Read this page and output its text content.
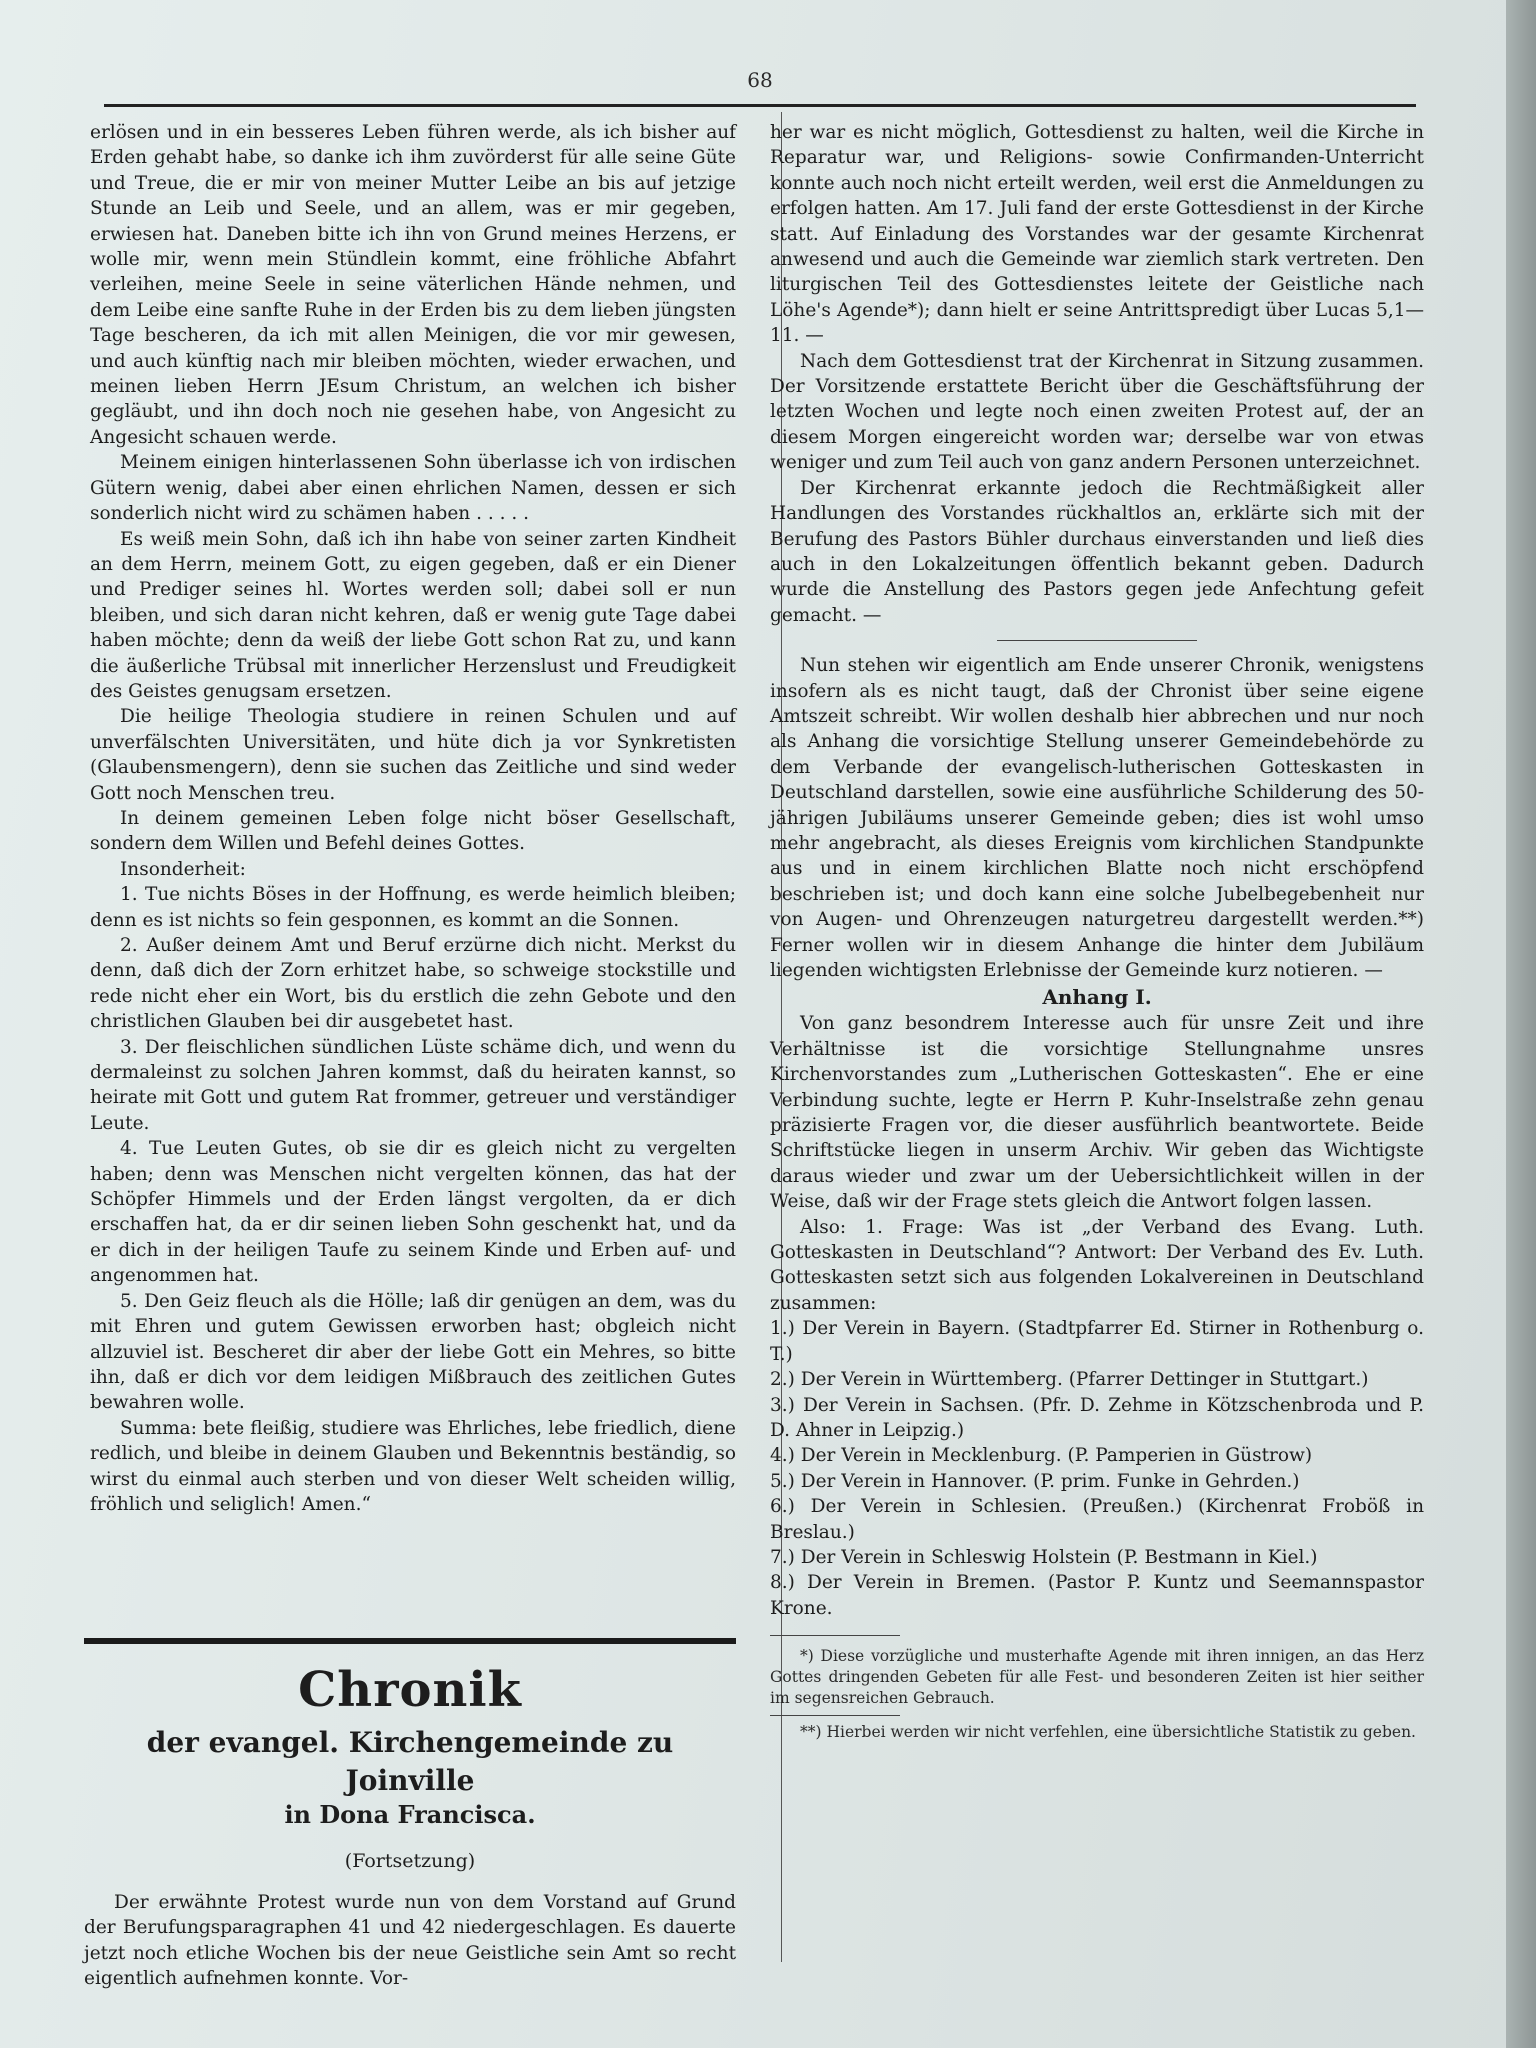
68

erlösen und in ein besseres Leben führen werde, als ich bisher auf Erden gehabt habe, so danke ich ihm zuvörderst für alle seine Güte und Treue, die er mir von meiner Mutter Leibe an bis auf jetzige Stunde an Leib und Seele, und an allem, was er mir gegeben, erwiesen hat. Daneben bitte ich ihn von Grund meines Herzens, er wolle mir, wenn mein Stündlein kommt, eine fröhliche Abfahrt verleihen, meine Seele in seine väterlichen Hände nehmen, und dem Leibe eine sanfte Ruhe in der Erden bis zu dem lieben jüngsten Tage bescheren, da ich mit allen Meinigen, die vor mir gewesen, und auch künftig nach mir bleiben möchten, wieder erwachen, und meinen lieben Herrn JEsum Christum, an welchen ich bisher gegläubt, und ihn doch noch nie gesehen habe, von Angesicht zu Angesicht schauen werde.

Meinem einigen hinterlassenen Sohn überlasse ich von irdischen Gütern wenig, dabei aber einen ehrlichen Namen, dessen er sich sonderlich nicht wird zu schämen haben . . . . .

Es weiß mein Sohn, daß ich ihn habe von seiner zarten Kindheit an dem Herrn, meinem Gott, zu eigen gegeben, daß er ein Diener und Prediger seines hl. Wortes werden soll; dabei soll er nun bleiben, und sich daran nicht kehren, daß er wenig gute Tage dabei haben möchte; denn da weiß der liebe Gott schon Rat zu, und kann die äußerliche Trübsal mit innerlicher Herzenslust und Freudigkeit des Geistes genugsam ersetzen.

Die heilige Theologia studiere in reinen Schulen und auf unverfälschten Universitäten, und hüte dich ja vor Synkretisten (Glaubensmengern), denn sie suchen das Zeitliche und sind weder Gott noch Menschen treu.

In deinem gemeinen Leben folge nicht böser Gesellschaft, sondern dem Willen und Befehl deines Gottes.

Insonderheit:

1. Tue nichts Böses in der Hoffnung, es werde heimlich bleiben; denn es ist nichts so fein gesponnen, es kommt an die Sonnen.

2. Außer deinem Amt und Beruf erzürne dich nicht. Merkst du denn, daß dich der Zorn erhitzet habe, so schweige stockstille und rede nicht eher ein Wort, bis du erstlich die zehn Gebote und den christlichen Glauben bei dir ausgebetet hast.

3. Der fleischlichen sündlichen Lüste schäme dich, und wenn du dermaleinst zu solchen Jahren kommst, daß du heiraten kannst, so heirate mit Gott und gutem Rat frommer, getreuer und verständiger Leute.

4. Tue Leuten Gutes, ob sie dir es gleich nicht zu vergelten haben; denn was Menschen nicht vergelten können, das hat der Schöpfer Himmels und der Erden längst vergolten, da er dich erschaffen hat, da er dir seinen lieben Sohn geschenkt hat, und da er dich in der heiligen Taufe zu seinem Kinde und Erben auf- und angenommen hat.

5. Den Geiz fleuch als die Hölle; laß dir genügen an dem, was du mit Ehren und gutem Gewissen erworben hast; obgleich nicht allzuviel ist. Bescheret dir aber der liebe Gott ein Mehres, so bitte ihn, daß er dich vor dem leidigen Mißbrauch des zeitlichen Gutes bewahren wolle.

Summa: bete fleißig, studiere was Ehrliches, lebe friedlich, diene redlich, und bleibe in deinem Glauben und Bekenntnis beständig, so wirst du einmal auch sterben und von dieser Welt scheiden willig, fröhlich und seliglich! Amen.“

Chronik
der evangel. Kirchengemeinde zu Joinville
in Dona Francisca.
(Fortsetzung)

Der erwähnte Protest wurde nun von dem Vorstand auf Grund der Berufungsparagraphen 41 und 42 niedergeschlagen. Es dauerte jetzt noch etliche Wochen bis der neue Geistliche sein Amt so recht eigentlich aufnehmen konnte. Vor-

her war es nicht möglich, Gottesdienst zu halten, weil die Kirche in Reparatur war, und Religions- sowie Confirmanden-Unterricht konnte auch noch nicht erteilt werden, weil erst die Anmeldungen zu erfolgen hatten. Am 17. Juli fand der erste Gottesdienst in der Kirche statt. Auf Einladung des Vorstandes war der gesamte Kirchenrat anwesend und auch die Gemeinde war ziemlich stark vertreten. Den liturgischen Teil des Gottesdienstes leitete der Geistliche nach Löhe's Agende*); dann hielt er seine Antrittspredigt über Lucas 5,1—11. —

Nach dem Gottesdienst trat der Kirchenrat in Sitzung zusammen. Der Vorsitzende erstattete Bericht über die Geschäftsführung der letzten Wochen und legte noch einen zweiten Protest auf, der an diesem Morgen eingereicht worden war; derselbe war von etwas weniger und zum Teil auch von ganz andern Personen unterzeichnet.

Der Kirchenrat erkannte jedoch die Rechtmäßigkeit aller Handlungen des Vorstandes rückhaltlos an, erklärte sich mit der Berufung des Pastors Bühler durchaus einverstanden und ließ dies auch in den Lokalzeitungen öffentlich bekannt geben. Dadurch wurde die Anstellung des Pastors gegen jede Anfechtung gefeit gemacht. —

Nun stehen wir eigentlich am Ende unserer Chronik, wenigstens insofern als es nicht taugt, daß der Chronist über seine eigene Amtszeit schreibt. Wir wollen deshalb hier abbrechen und nur noch als Anhang die vorsichtige Stellung unserer Gemeindebehörde zu dem Verbande der evangelisch-lutherischen Gotteskasten in Deutschland darstellen, sowie eine ausführliche Schilderung des 50-jährigen Jubiläums unserer Gemeinde geben; dies ist wohl umso mehr angebracht, als dieses Ereignis vom kirchlichen Standpunkte aus und in einem kirchlichen Blatte noch nicht erschöpfend beschrieben ist; und doch kann eine solche Jubelbegebenheit nur von Augen- und Ohrenzeugen naturgetreu dargestellt werden.**) Ferner wollen wir in diesem Anhange die hinter dem Jubiläum liegenden wichtigsten Erlebnisse der Gemeinde kurz notieren. —

Anhang I.

Von ganz besondrem Interesse auch für unsre Zeit und ihre Verhältnisse ist die vorsichtige Stellungnahme unsres Kirchenvorstandes zum „Lutherischen Gotteskasten“. Ehe er eine Verbindung suchte, legte er Herrn P. Kuhr-Inselstraße zehn genau präzisierte Fragen vor, die dieser ausführlich beantwortete. Beide Schriftstücke liegen in unserm Archiv. Wir geben das Wichtigste daraus wieder und zwar um der Uebersichtlichkeit willen in der Weise, daß wir der Frage stets gleich die Antwort folgen lassen.

Also: 1. Frage: Was ist „der Verband des Evang. Luth. Gotteskasten in Deutschland“? Antwort: Der Verband des Ev. Luth. Gotteskasten setzt sich aus folgenden Lokalvereinen in Deutschland zusammen:

1.) Der Verein in Bayern. (Stadtpfarrer Ed. Stirner in Rothenburg o. T.)

2.) Der Verein in Württemberg. (Pfarrer Dettinger in Stuttgart.)

3.) Der Verein in Sachsen. (Pfr. D. Zehme in Kötzschenbroda und P. D. Ahner in Leipzig.)

4.) Der Verein in Mecklenburg. (P. Pamperien in Güstrow)

5.) Der Verein in Hannover. (P. prim. Funke in Gehrden.)

6.) Der Verein in Schlesien. (Preußen.) (Kirchenrat Froböß in Breslau.)

7.) Der Verein in Schleswig Holstein (P. Bestmann in Kiel.)

8.) Der Verein in Bremen. (Pastor P. Kuntz und Seemannspastor Krone.

*) Diese vorzügliche und musterhafte Agende mit ihren innigen, an das Herz Gottes dringenden Gebeten für alle Fest- und besonderen Zeiten ist hier seither im segensreichen Gebrauch.

**) Hierbei werden wir nicht verfehlen, eine übersichtliche Statistik zu geben.
